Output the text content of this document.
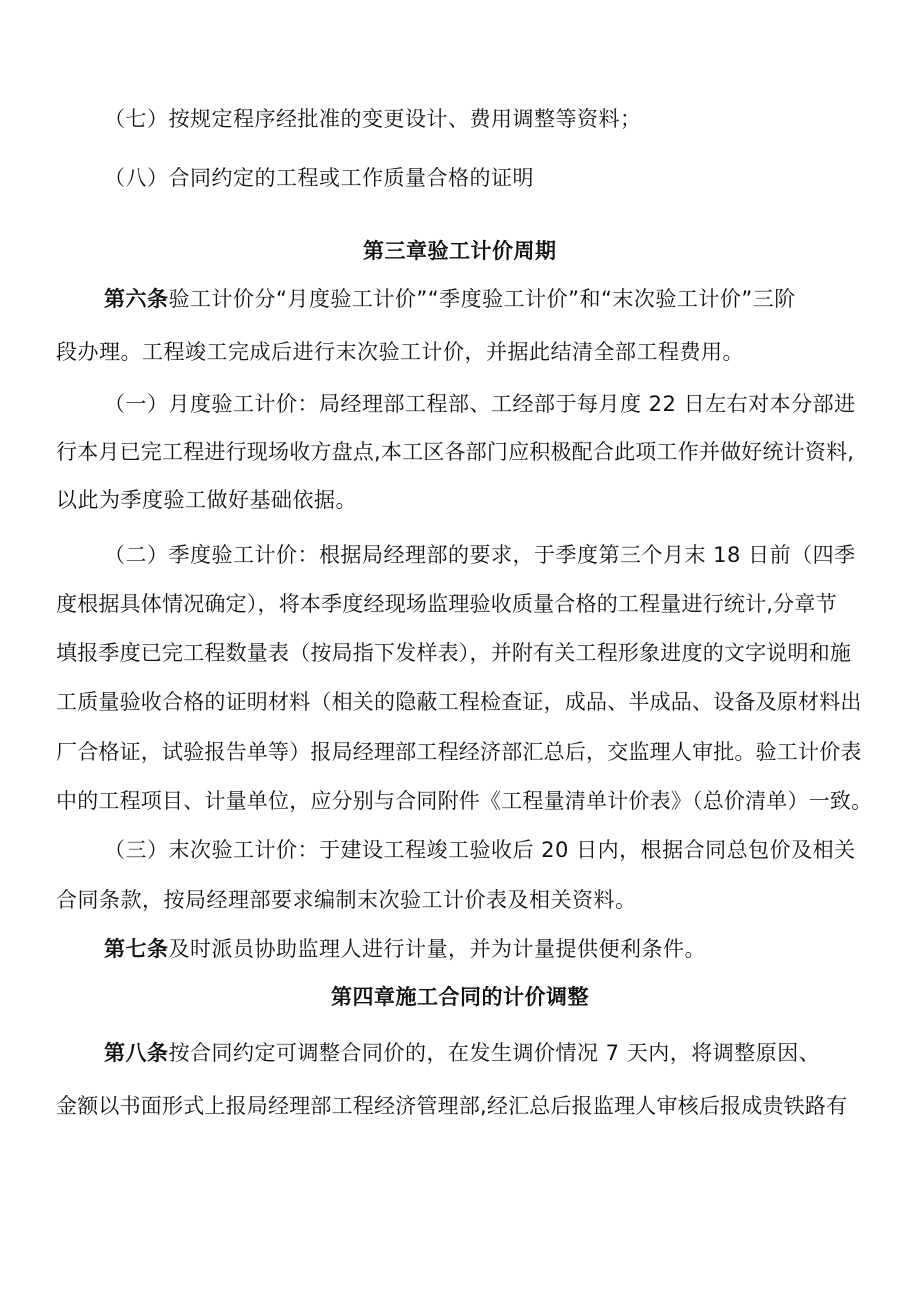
（七）按规定程序经批准的变更设计、费用调整等资料；
（八）合同约定的工程或工作质量合格的证明
第三章验工计价周期
第六条验工计价分“月度验工计价”“季度验工计价”和“末次验工计价”三阶
段办理。工程竣工完成后进行末次验工计价，并据此结清全部工程费用。
（一）月度验工计价：局经理部工程部、工经部于每月度 22 日左右对本分部进
行本月已完工程进行现场收方盘点,本工区各部门应积极配合此项工作并做好统计资料,
以此为季度验工做好基础依据。
（二）季度验工计价：根据局经理部的要求，于季度第三个月末 18 日前（四季
度根据具体情况确定），将本季度经现场监理验收质量合格的工程量进行统计,分章节
填报季度已完工程数量表（按局指下发样表），并附有关工程形象进度的文字说明和施
工质量验收合格的证明材料（相关的隐蔽工程检查证，成品、半成品、设备及原材料出
厂合格证，试验报告单等）报局经理部工程经济部汇总后，交监理人审批。验工计价表
中的工程项目、计量单位，应分别与合同附件《工程量清单计价表》（总价清单）一致。
（三）末次验工计价：于建设工程竣工验收后 20 日内，根据合同总包价及相关
合同条款，按局经理部要求编制末次验工计价表及相关资料。
第七条及时派员协助监理人进行计量，并为计量提供便利条件。
第四章施工合同的计价调整
第八条按合同约定可调整合同价的，在发生调价情况 7 天内，将调整原因、
金额以书面形式上报局经理部工程经济管理部,经汇总后报监理人审核后报成贵铁路有
